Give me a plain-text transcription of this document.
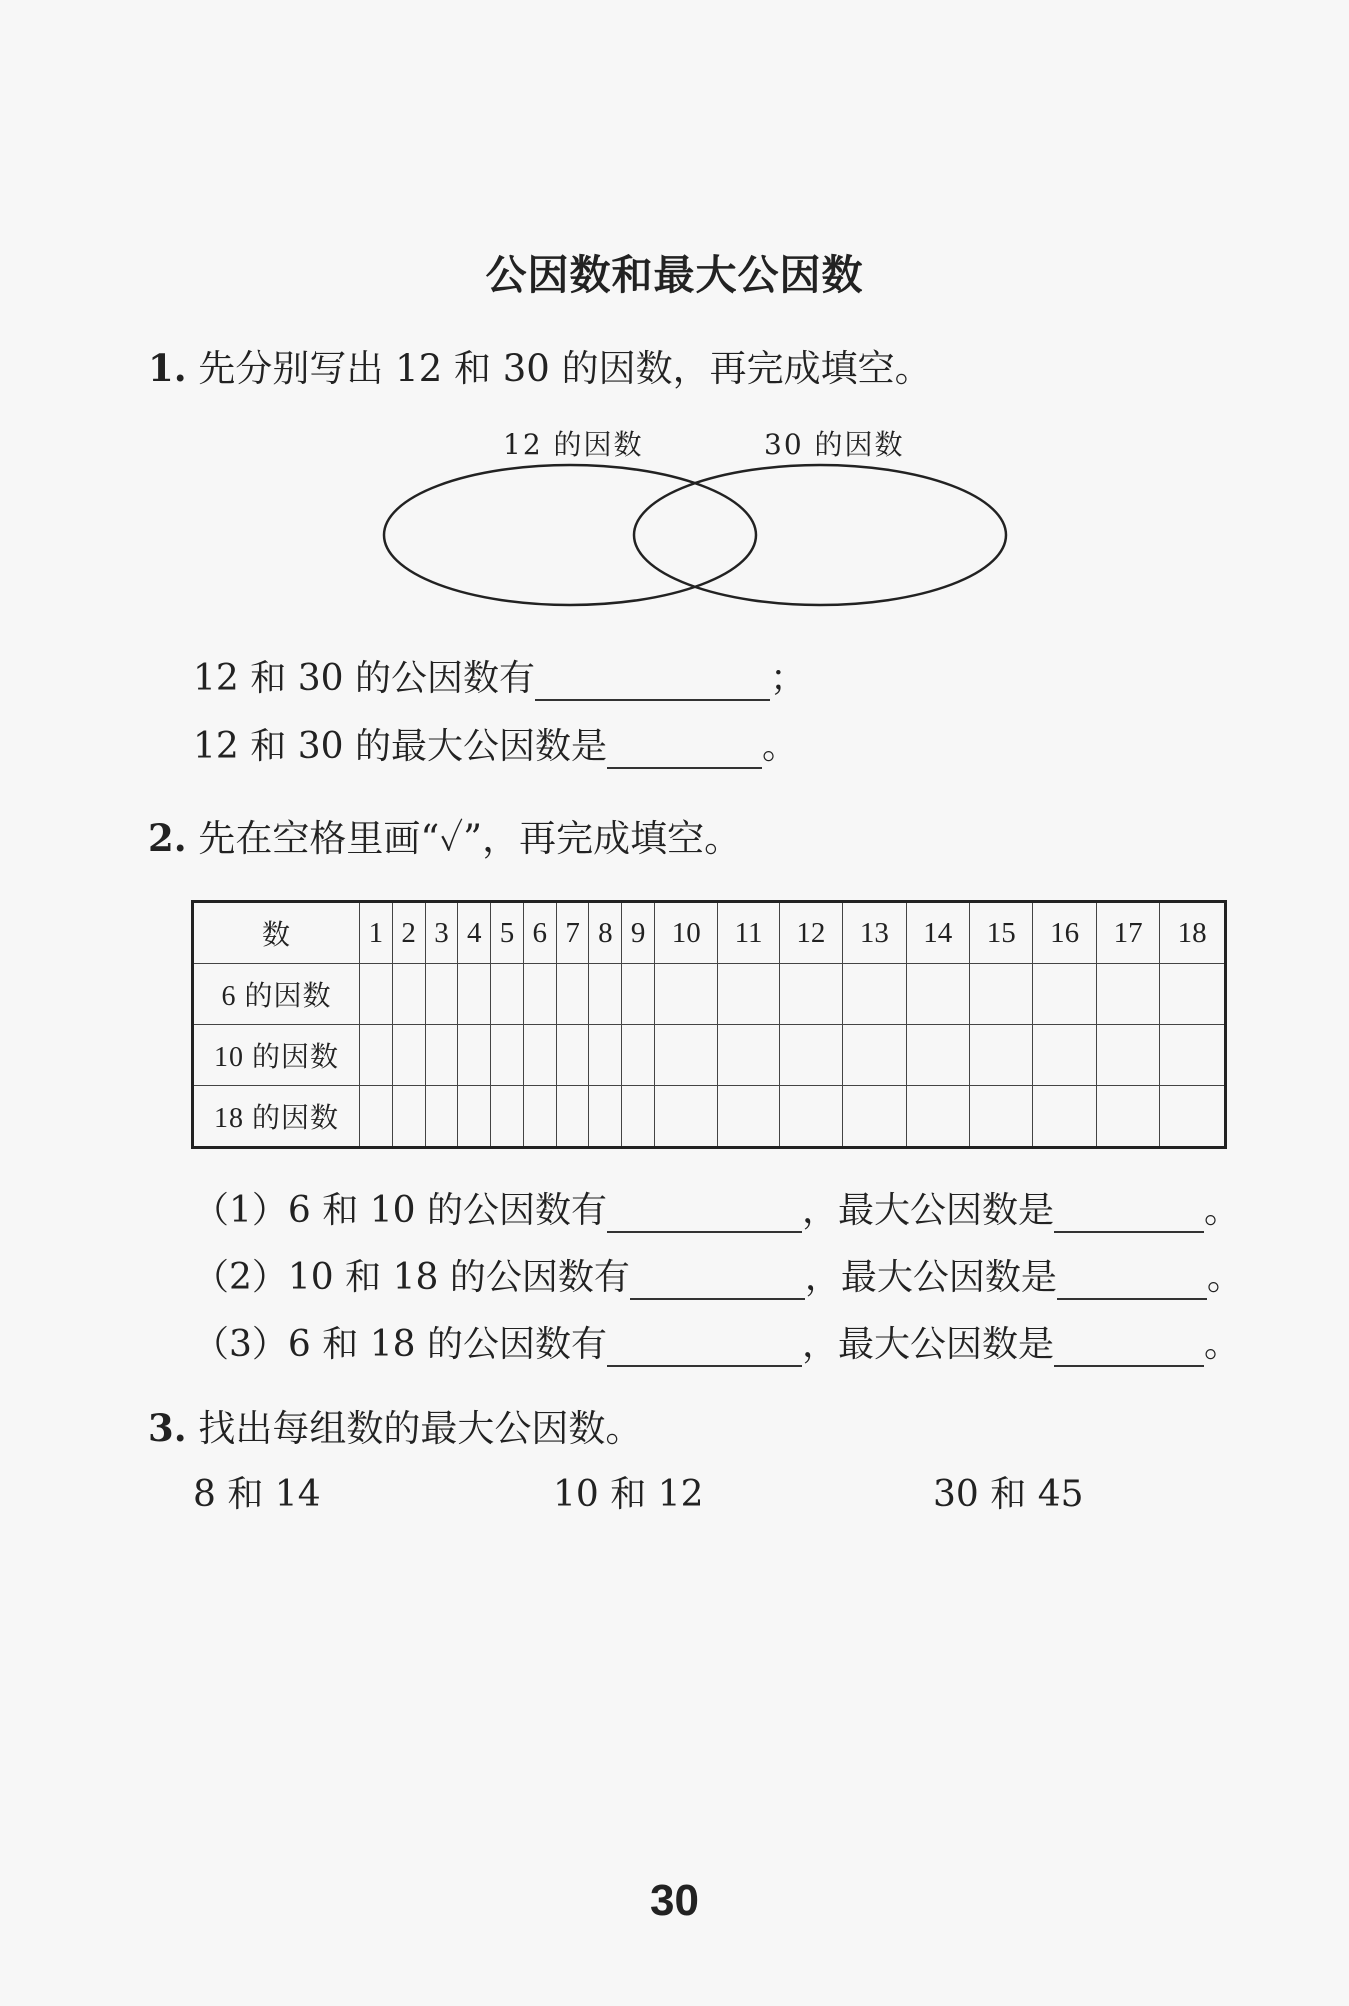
公因数和最大公因数
1. 先分别写出 12 和 30 的因数，再完成填空。
12 的因数	30 的因数
12 和 30 的公因数有	；
12 和 30 的最大公因数是	。
2. 先在空格里画“✓”，再完成填空。
数	1	2	3	4	5	6	7	8	9	10	11	12	13	14	15	16	17	18
6 的因数																		
10 的因数																		
18 的因数																		
（1）6 和 10 的公因数有	，最大公因数是	。
（2）10 和 18 的公因数有	，最大公因数是	。
（3）6 和 18 的公因数有	，最大公因数是	。
3. 找出每组数的最大公因数。
8 和 14	10 和 12	30 和 45
30
